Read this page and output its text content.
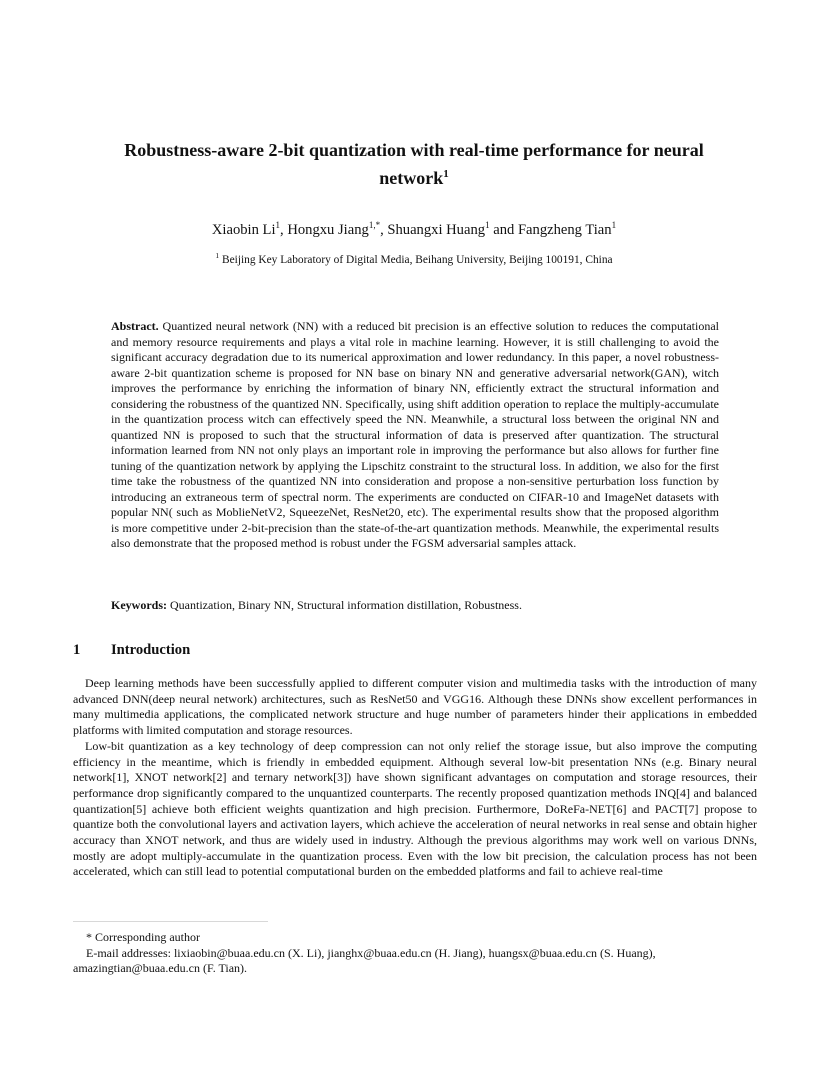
Robustness-aware 2-bit quantization with real-time performance for neural network$^1$
Xiaobin Li$^1$, Hongxu Jiang$^{1,*}$, Shuangxi Huang$^1$ and Fangzheng Tian$^1$
$^1$ Beijing Key Laboratory of Digital Media, Beihang University, Beijing 100191, China

Abstract. Quantized neural network (NN) with a reduced bit precision is an effective solution to reduces the computational and memory resource requirements and plays a vital role in machine learning. However, it is still challenging to avoid the significant accuracy degradation due to its numerical approximation and lower redundancy. In this paper, a novel robustness-aware 2-bit quantization scheme is proposed for NN base on binary NN and generative adversarial network(GAN), witch improves the performance by enriching the information of binary NN, efficiently extract the structural information and considering the robustness of the quantized NN. Specifically, using shift addition operation to replace the multiply-accumulate in the quantization process witch can effectively speed the NN. Meanwhile, a structural loss between the original NN and quantized NN is proposed to such that the structural information of data is preserved after quantization. The structural information learned from NN not only plays an important role in improving the performance but also allows for further fine tuning of the quantization network by applying the Lipschitz constraint to the structural loss. In addition, we also for the first time take the robustness of the quantized NN into consideration and propose a non-sensitive perturbation loss function by introducing an extraneous term of spectral norm. The experiments are conducted on CIFAR-10 and ImageNet datasets with popular NN( such as MoblieNetV2, SqueezeNet, ResNet20, etc). The experimental results show that the proposed algorithm is more competitive under 2-bit-precision than the state-of-the-art quantization methods. Meanwhile, the experimental results also demonstrate that the proposed method is robust under the FGSM adversarial samples attack.

Keywords: Quantization, Binary NN, Structural information distillation, Robustness.

1 Introduction

Deep learning methods have been successfully applied to different computer vision and multimedia tasks with the introduction of many advanced DNN(deep neural network) architectures, such as ResNet50 and VGG16. Although these DNNs show excellent performances in many multimedia applications, the complicated network structure and huge number of parameters hinder their applications in embedded platforms with limited computation and storage resources.

Low-bit quantization as a key technology of deep compression can not only relief the storage issue, but also improve the computing efficiency in the meantime, which is friendly in embedded equipment. Although several low-bit presentation NNs (e.g. Binary neural network[1], XNOT network[2] and ternary network[3]) have shown significant advantages on computation and storage resources, their performance drop significantly compared to the unquantized counterparts. The recently proposed quantization methods INQ[4] and balanced quantization[5] achieve both efficient weights quantization and high precision. Furthermore, DoReFa-NET[6] and PACT[7] propose to quantize both the convolutional layers and activation layers, which achieve the acceleration of neural networks in real sense and obtain higher accuracy than XNOT network, and thus are widely used in industry. Although the previous algorithms may work well on various DNNs, mostly are adopt multiply-accumulate in the quantization process. Even with the low bit precision, the calculation process has not been accelerated, which can still lead to potential computational burden on the embedded platforms and fail to achieve real-time

* Corresponding author

E-mail addresses: lixiaobin@buaa.edu.cn (X. Li), jianghx@buaa.edu.cn (H. Jiang), huangsx@buaa.edu.cn (S. Huang),

amazingtian@buaa.edu.cn (F. Tian).
